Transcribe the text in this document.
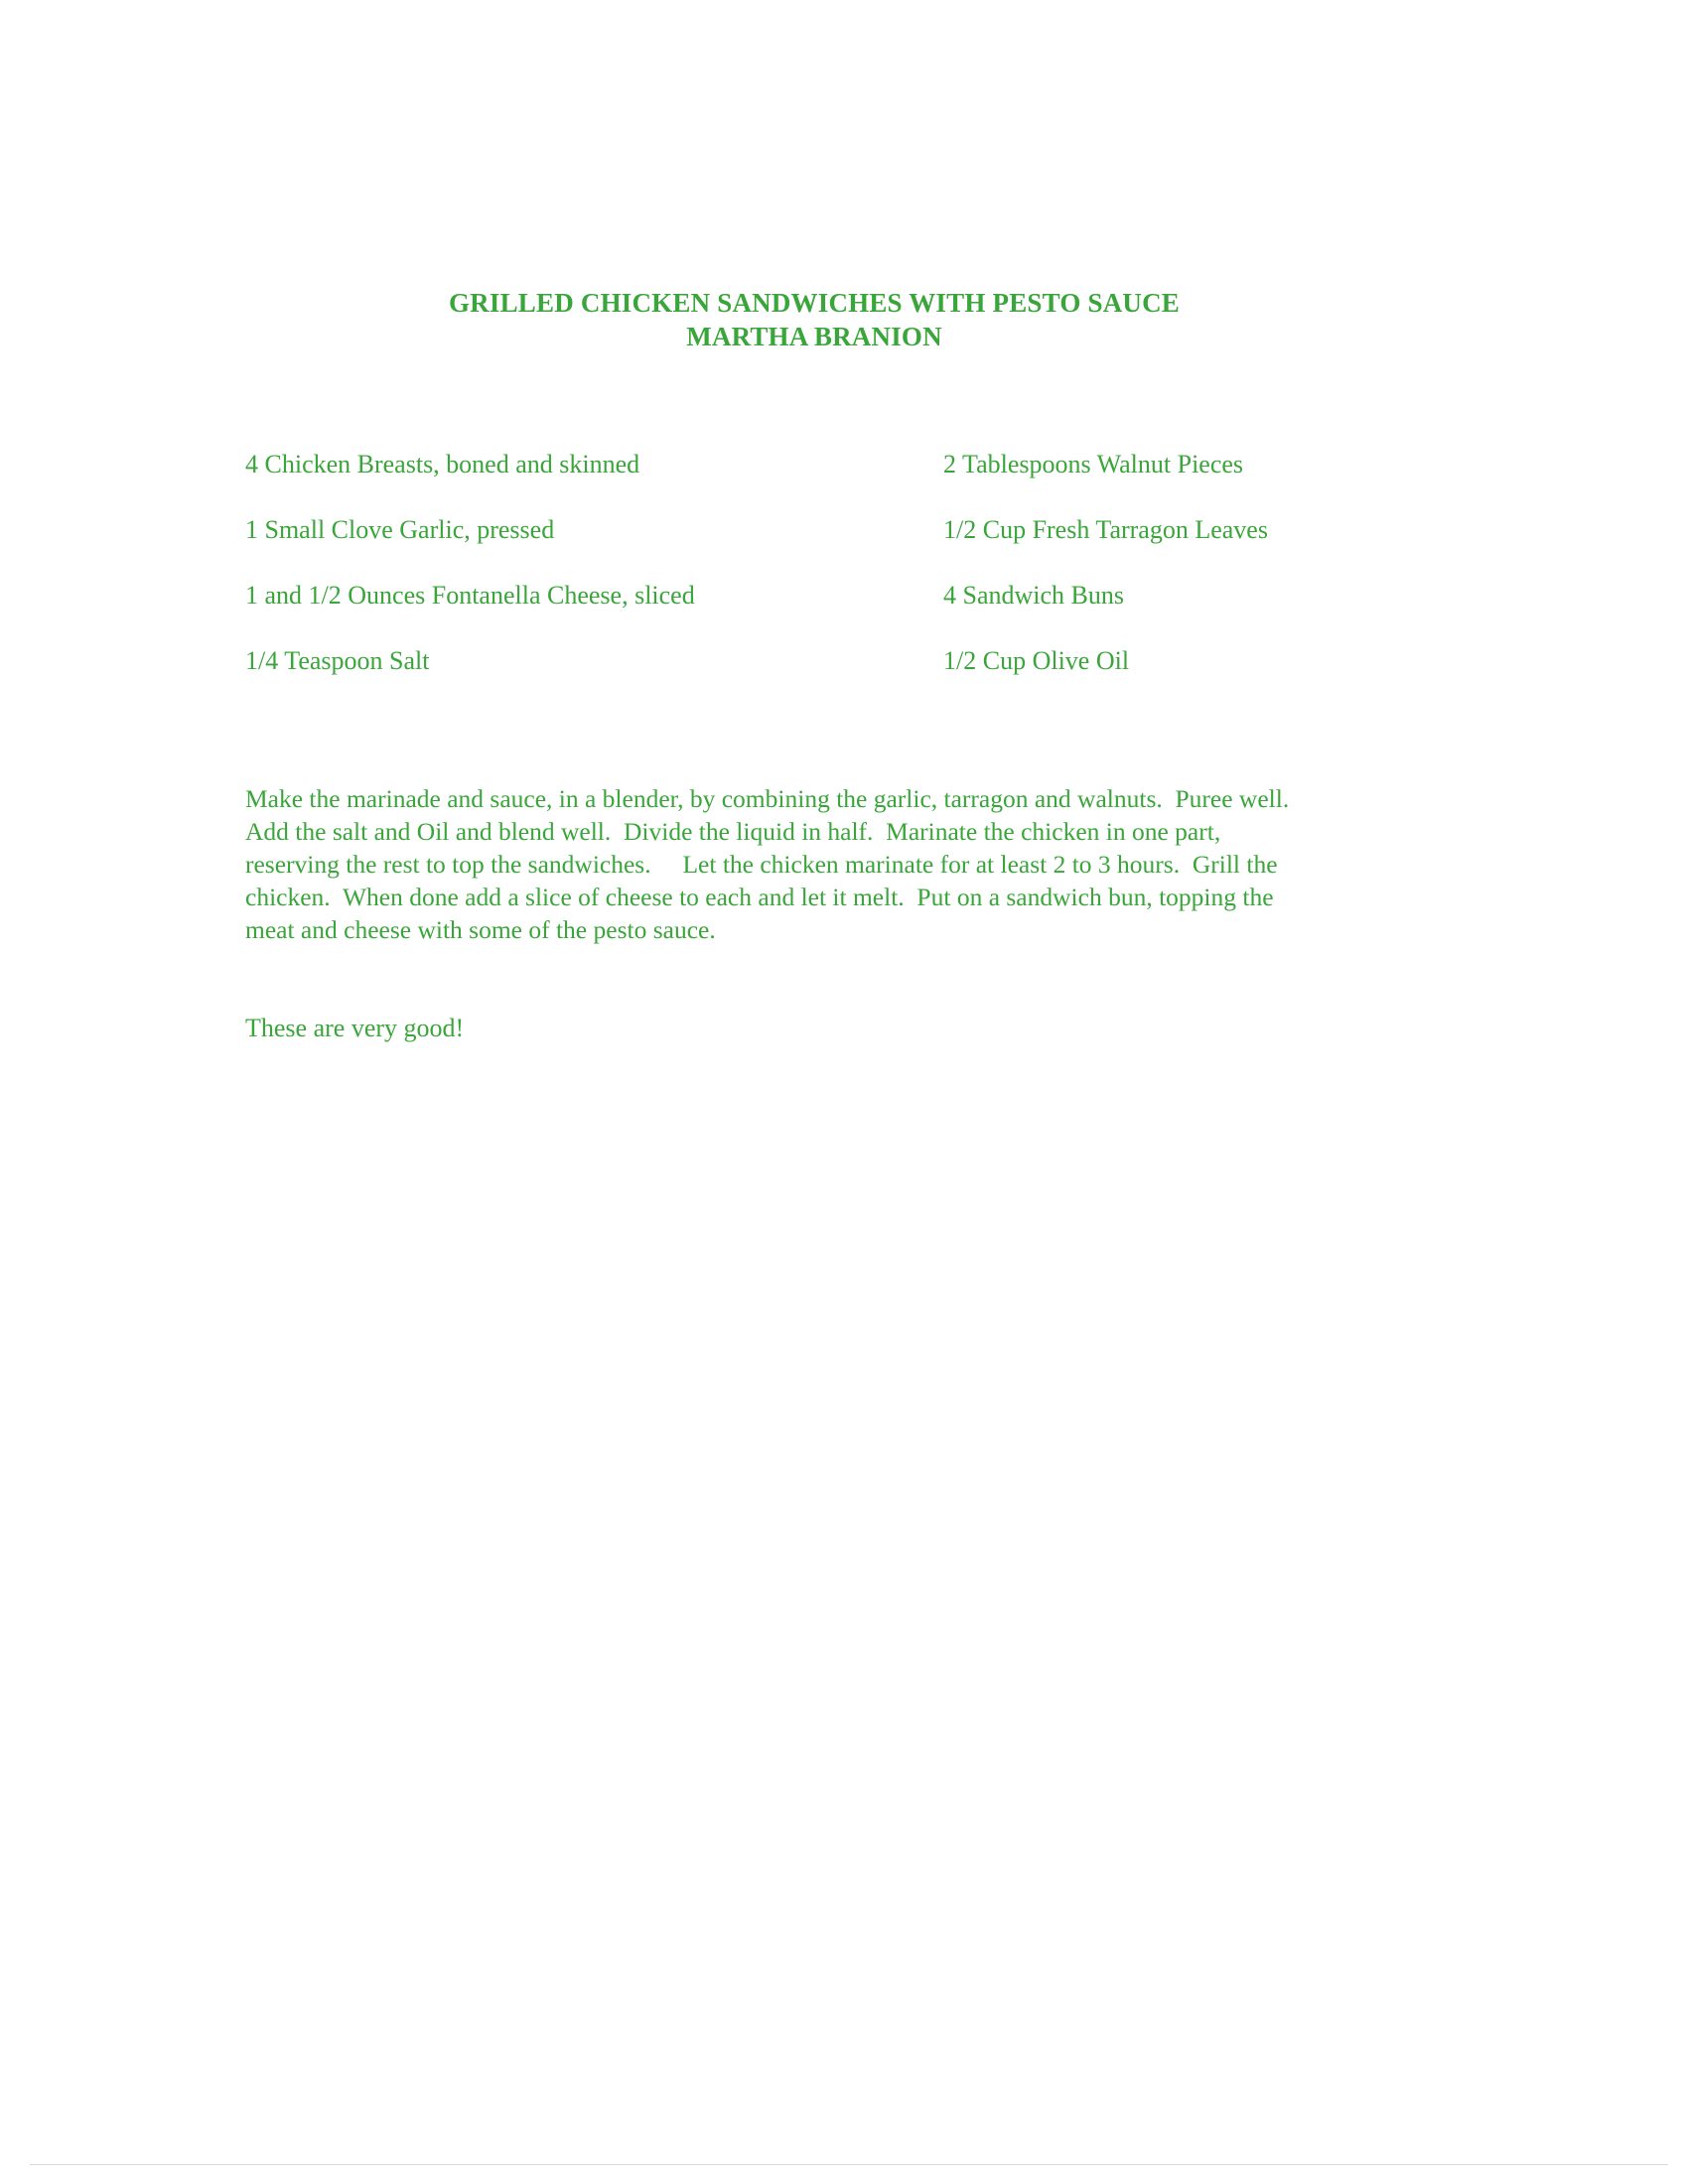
GRILLED CHICKEN SANDWICHES WITH PESTO SAUCE
MARTHA BRANION
4 Chicken Breasts, boned and skinned
1 Small Clove Garlic, pressed
1 and 1/2 Ounces Fontanella Cheese, sliced
1/4 Teaspoon Salt
2 Tablespoons Walnut Pieces
1/2 Cup Fresh Tarragon Leaves
4 Sandwich Buns
1/2 Cup Olive Oil
Make the marinade and sauce, in a blender, by combining the garlic, tarragon and walnuts.  Puree well.
Add the salt and Oil and blend well.  Divide the liquid in half.  Marinate the chicken in one part,
reserving the rest to top the sandwiches.     Let the chicken marinate for at least 2 to 3 hours.  Grill the
chicken.  When done add a slice of cheese to each and let it melt.  Put on a sandwich bun, topping the
meat and cheese with some of the pesto sauce.
These are very good!
